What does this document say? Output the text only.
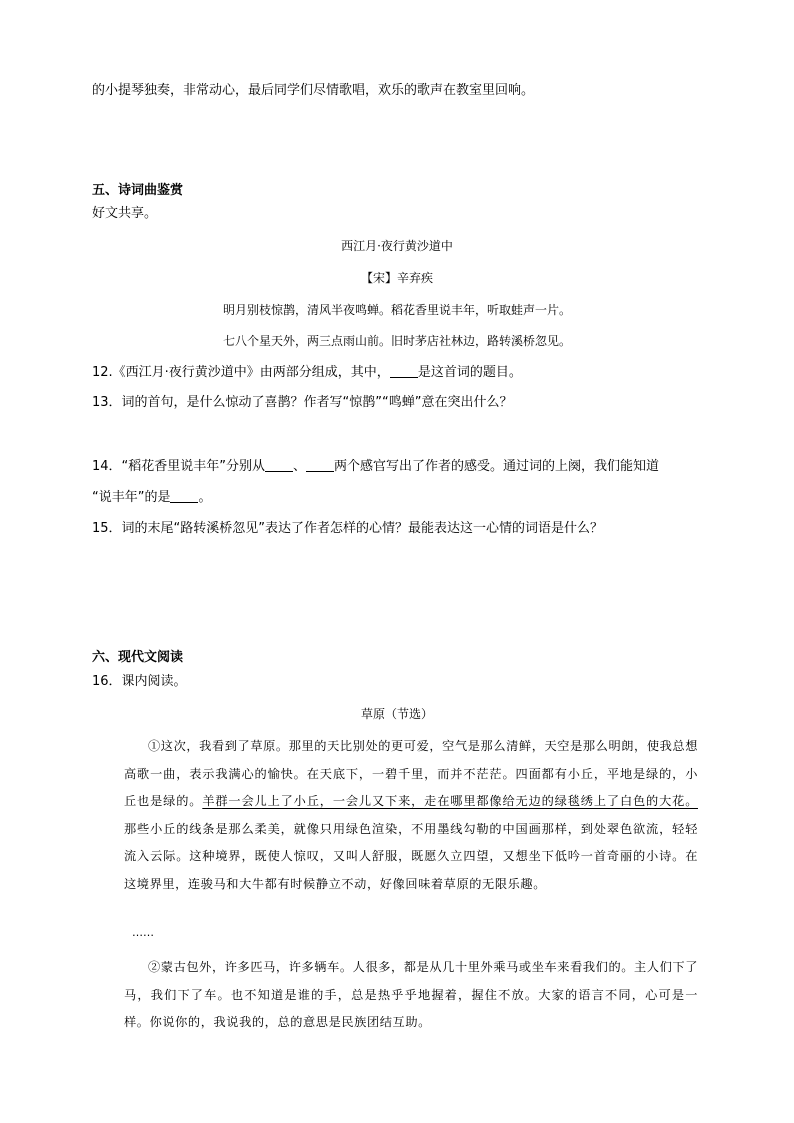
的小提琴独奏，非常动心，最后同学们尽情歌唱，欢乐的歌声在教室里回响。
五、诗词曲鉴赏
好文共享。
西江月·夜行黄沙道中
【宋】辛弃疾
明月别枝惊鹊，清风半夜鸣蝉。稻花香里说丰年，听取蛙声一片。
七八个星天外，两三点雨山前。旧时茅店社林边，路转溪桥忽见。
12.《西江月·夜行黄沙道中》由两部分组成，其中， 是这首词的题目。
13．词的首句，是什么惊动了喜鹊？作者写“惊鹊”“鸣蝉”意在突出什么？
14．“稻花香里说丰年”分别从 、 两个感官写出了作者的感受。通过词的上阕，我们能知道
“说丰年”的是 。
15．词的末尾“路转溪桥忽见”表达了作者怎样的心情？最能表达这一心情的词语是什么？
六、现代文阅读
16．课内阅读。
草原（节选）
①这次，我看到了草原。那里的天比别处的更可爱，空气是那么清鲜，天空是那么明朗，使我总想高歌一曲，表示我满心的愉快。在天底下，一碧千里，而并不茫茫。四面都有小丘，平地是绿的，小丘也是绿的。羊群一会儿上了小丘，一会儿又下来，走在哪里都像给无边的绿毯绣上了白色的大花。那些小丘的线条是那么柔美，就像只用绿色渲染，不用墨线勾勒的中国画那样，到处翠色欲流，轻轻流入云际。这种境界，既使人惊叹，又叫人舒服，既愿久立四望，又想坐下低吟一首奇丽的小诗。在这境界里，连骏马和大牛都有时候静立不动，好像回味着草原的无限乐趣。
……
②蒙古包外，许多匹马，许多辆车。人很多，都是从几十里外乘马或坐车来看我们的。主人们下了马，我们下了车。也不知道是谁的手，总是热乎乎地握着，握住不放。大家的语言不同，心可是一样。你说你的，我说我的，总的意思是民族团结互助。
